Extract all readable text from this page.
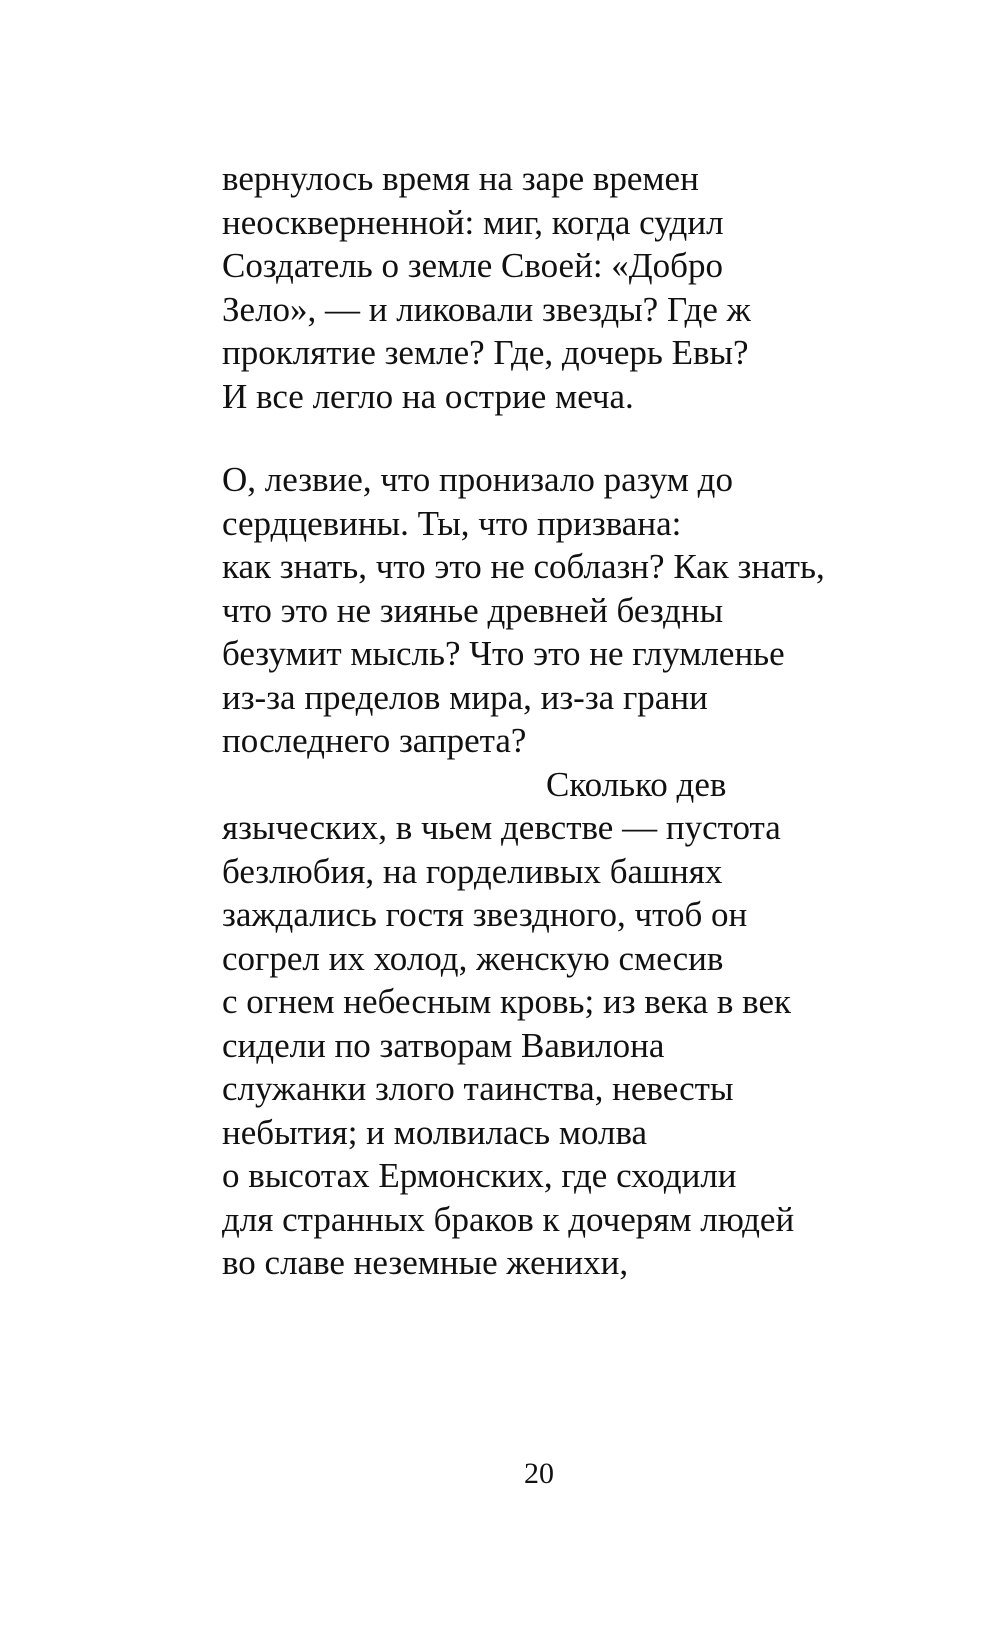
вернулось время на заре времен
неоскверненной: миг, когда судил
Создатель о земле Своей: «Добро
Зело», — и ликовали звезды? Где ж
проклятие земле? Где, дочерь Евы?
И все легло на острие меча.
О, лезвие, что пронизало разум до
сердцевины. Ты, что призвана:
как знать, что это не соблазн? Как знать,
что это не зиянье древней бездны
безумит мысль? Что это не глумленье
из-за пределов мира, из-за грани
последнего запрета?
Сколько дев
языческих, в чьем девстве — пустота
безлюбия, на горделивых башнях
заждались гостя звездного, чтоб он
согрел их холод, женскую смесив
с огнем небесным кровь; из века в век
сидели по затворам Вавилона
служанки злого таинства, невесты
небытия; и молвилась молва
о высотах Ермонских, где сходили
для странных браков к дочерям людей
во славе неземные женихи,
20
